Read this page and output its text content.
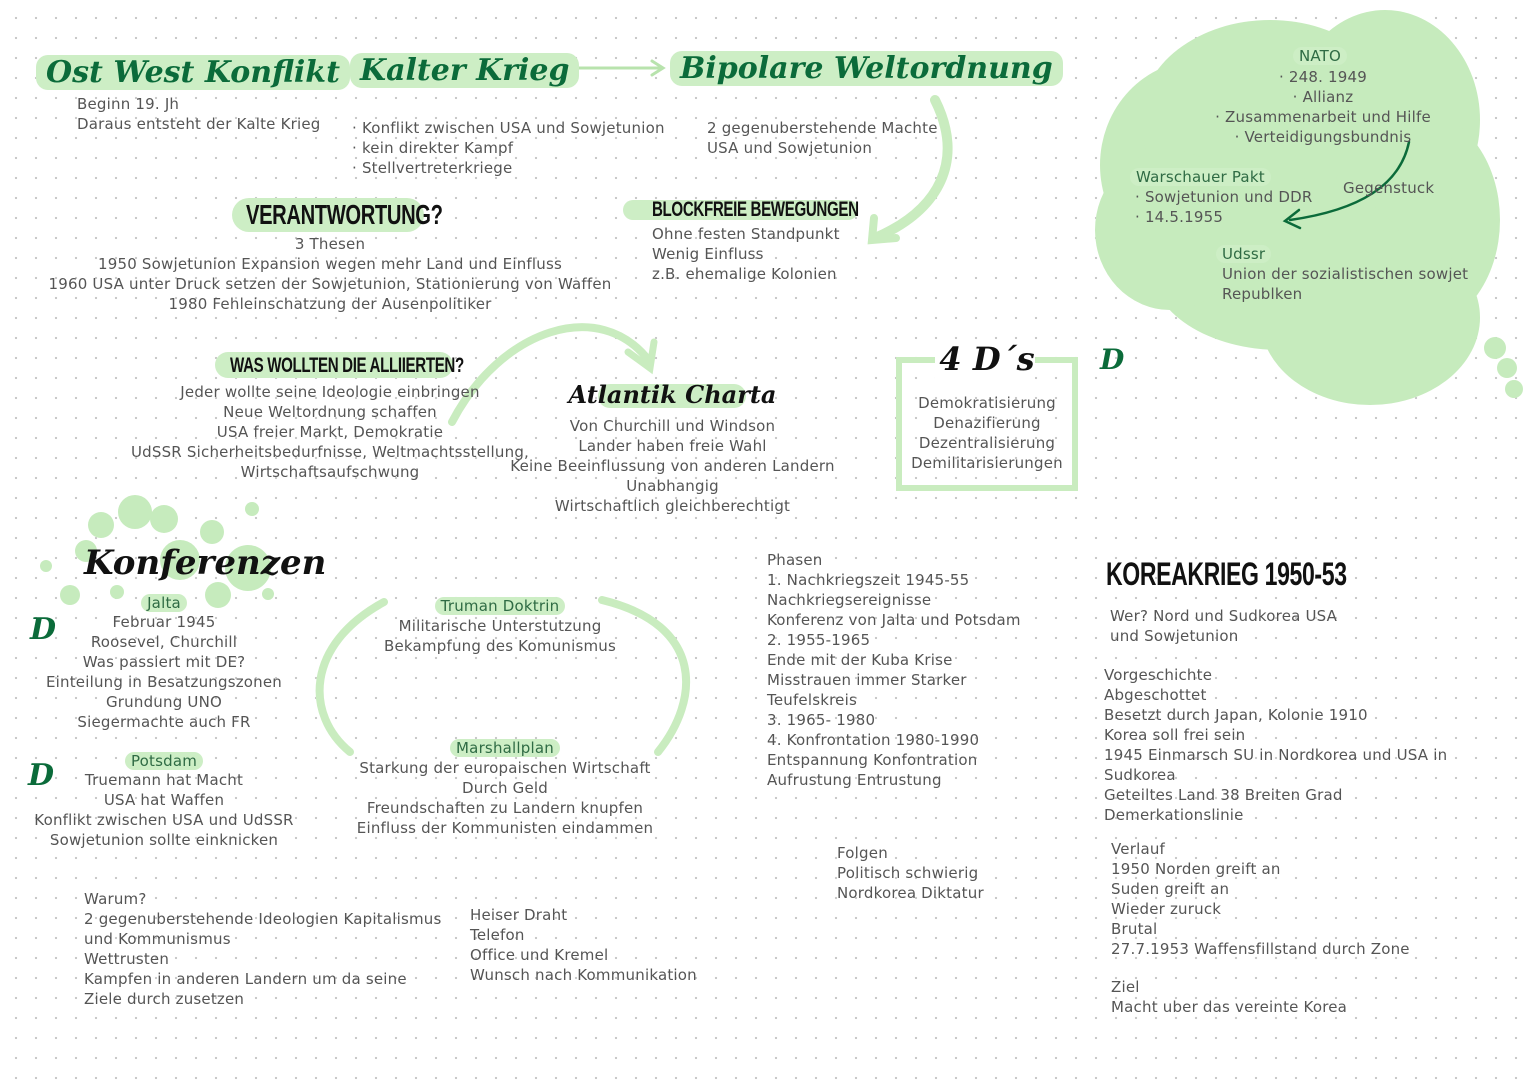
Ost West Konflikt
Beginn 19. Jh
Daraus entsteht der Kalte Krieg
Kalter Krieg
· Konflikt zwischen USA und Sowjetunion
· kein direkter Kampf
· Stellvertreterkriege
Bipolare Weltordnung
2 gegenuberstehende Machte
USA und Sowjetunion
VERANTWORTUNG?
3 Thesen
1950 Sowjetunion Expansion wegen mehr Land und Einfluss
1960 USA unter Druck setzen der Sowjetunion, Stationierung von Waffen
1980 Fehleinschatzung der Ausenpolitiker
BLOCKFREIE BEWEGUNGEN
Ohne festen Standpunkt
Wenig Einfluss
z.B. ehemalige Kolonien
WAS WOLLTEN DIE ALLIIERTEN?
Jeder wollte seine Ideologie einbringen
Neue Weltordnung schaffen
USA freier Markt, Demokratie
UdSSR Sicherheitsbedurfnisse, Weltmachtsstellung,
Wirtschaftsaufschwung
Atlantik Charta
Von Churchill und Windson
Lander haben freie Wahl
Keine Beeinflussung von anderen Landern
Unabhangig
Wirtschaftlich gleichberechtigt
4 D´s
Demokratisierung
Denazifierung
Dezentralisierung
Demilitarisierungen
D
NATO
· 248. 1949
· Allianz
· Zusammenarbeit und Hilfe
· Verteidigungsbundnis
Warschauer Pakt
· Sowjetunion und DDR
· 14.5.1955
Gegenstuck
Udssr
Union der sozialistischen sowjet
Republken
Konferenzen
Jalta
Februar 1945
Roosevel, Churchill
Was passiert mit DE?
Einteilung in Besatzungszonen
Grundung UNO
Siegermachte auch FR
D
Potsdam
Truemann hat Macht
USA hat Waffen
Konflikt zwischen USA und UdSSR
Sowjetunion sollte einknicken
D
Truman Doktrin
Militarische Unterstutzung
Bekampfung des Komunismus
Marshallplan
Starkung der europaischen Wirtschaft
Durch Geld
Freundschaften zu Landern knupfen
Einfluss der Kommunisten eindammen
Phasen
1. Nachkriegszeit 1945-55
Nachkriegsereignisse
Konferenz von Jalta und Potsdam
2. 1955-1965
Ende mit der Kuba Krise
Misstrauen immer Starker
Teufelskreis
3. 1965- 1980
4. Konfrontation 1980-1990
Entspannung Konfontration
Aufrustung Entrustung
Folgen
Politisch schwierig
Nordkorea Diktatur
Warum?
2 gegenuberstehende Ideologien Kapitalismus
und Kommunismus
Wettrusten
Kampfen in anderen Landern um da seine
Ziele durch zusetzen
Heiser Draht
Telefon
Office und Kremel
Wunsch nach Kommunikation
KOREAKRIEG 1950-53
Wer? Nord und Sudkorea USA
und Sowjetunion
Vorgeschichte
Abgeschottet
Besetzt durch Japan, Kolonie 1910
Korea soll frei sein
1945 Einmarsch SU in Nordkorea und USA in
Sudkorea
Geteiltes Land 38 Breiten Grad
Demerkationslinie
Verlauf
1950 Norden greift an
Suden greift an
Wieder zuruck
Brutal
27.7.1953 Waffensfillstand durch Zone
Ziel
Macht uber das vereinte Korea
